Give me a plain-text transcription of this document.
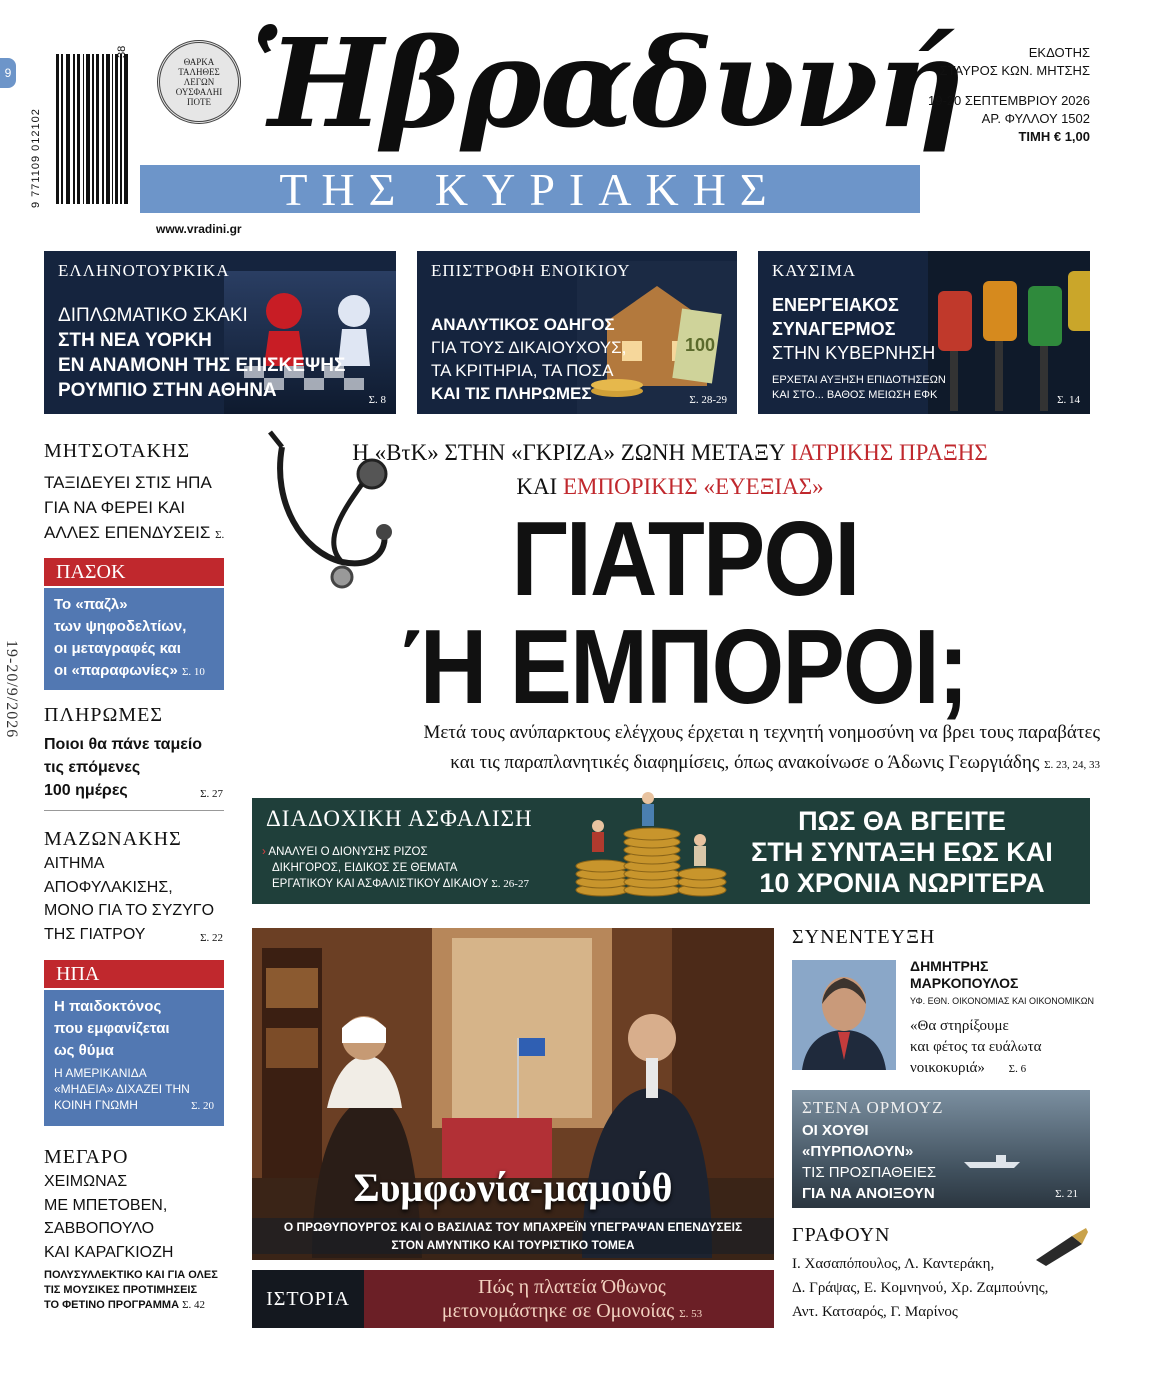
9
19-20/9/2026
9 771109 012102
38
ΘΑΡΚΑ
ΤΑΛΗΘΕΣ
ΛΕΓΩΝ
ΟΥΣΦΑΛΗΙ
ΠΟΤΕ Ἡβραδυνή
ΤΗΣ ΚΥΡΙΑΚΗΣ
ΕΚΔΟΤΗΣ
ΣΤΑΥΡΟΣ ΚΩΝ. ΜΗΤΣΗΣ
19-20 ΣΕΠΤΕΜΒΡΙΟΥ 2026
ΑΡ. ΦΥΛΛΟΥ 1502
ΤΙΜΗ € 1,00
www.vradini.gr
ΕΛΛΗΝΟΤΟΥΡΚΙΚΑ
ΔΙΠΛΩΜΑΤΙΚΟ ΣΚΑΚΙ
ΣΤΗ ΝΕΑ ΥΟΡΚΗ
ΕΝ ΑΝΑΜΟΝΗ ΤΗΣ ΕΠΙΣΚΕΨΗΣ
ΡΟΥΜΠΙΟ ΣΤΗΝ ΑΘΗΝΑ	Σ. 8
100
ΕΠΙΣΤΡΟΦΗ ΕΝΟΙΚΙΟΥ
ΑΝΑΛΥΤΙΚΟΣ ΟΔΗΓΟΣ
ΓΙΑ ΤΟΥΣ ΔΙΚΑΙΟΥΧΟΥΣ,
ΤΑ ΚΡΙΤΗΡΙΑ, ΤΑ ΠΟΣΑ
ΚΑΙ ΤΙΣ ΠΛΗΡΩΜΕΣ	Σ. 28-29
ΚΑΥΣΙΜΑ
ΕΝΕΡΓΕΙΑΚΟΣ
ΣΥΝΑΓΕΡΜΟΣ
ΣΤΗΝ ΚΥΒΕΡΝΗΣΗ
ΕΡΧΕΤΑΙ ΑΥΞΗΣΗ ΕΠΙΔΟΤΗΣΕΩΝ
ΚΑΙ ΣΤΟ... ΒΑΘΟΣ ΜΕΙΩΣΗ ΕΦΚ	Σ. 14
ΜΗΤΣΟΤΑΚΗΣ
ΤΑΞΙΔΕΥΕΙ ΣΤΙΣ ΗΠΑ
ΓΙΑ ΝΑ ΦΕΡΕΙ ΚΑΙ
ΑΛΛΕΣ ΕΠΕΝΔΥΣΕΙΣ Σ.
ΠΑΣΟΚ
Το «παζλ»
των ψηφοδελτίων,
οι μεταγραφές και
οι «παραφωνίες» Σ. 10
ΠΛΗΡΩΜΕΣ
Ποιοι θα πάνε ταμείο
τις επόμενες
100 ημέρες	Σ. 27
ΜΑΖΩΝΑΚΗΣ
ΑΙΤΗΜΑ
ΑΠΟΦΥΛΑΚΙΣΗΣ,
ΜΟΝΟ ΓΙΑ ΤΟ ΣΥΖΥΓΟ
ΤΗΣ ΓΙΑΤΡΟΥ	Σ. 22
ΗΠΑ
Η παιδοκτόνος
που εμφανίζεται
ως θύμα
Η ΑΜΕΡΙΚΑΝΙΔΑ
«ΜΗΔΕΙΑ» ΔΙΧΑΖΕΙ ΤΗΝ
ΚΟΙΝΗ ΓΝΩΜΗ	Σ. 20
ΜΕΓΑΡΟ
ΧΕΙΜΩΝΑΣ
ΜΕ ΜΠΕΤΟΒΕΝ,
ΣΑΒΒΟΠΟΥΛΟ
ΚΑΙ ΚΑΡΑΓΚΙΟΖΗ
ΠΟΛΥΣΥΛΛΕΚΤΙΚΟ ΚΑΙ ΓΙΑ ΟΛΕΣ
ΤΙΣ ΜΟΥΣΙΚΕΣ ΠΡΟΤΙΜΗΣΕΙΣ
ΤΟ ΦΕΤΙΝΟ ΠΡΟΓΡΑΜΜΑ Σ. 42
Η «ΒτΚ» ΣΤΗΝ «ΓΚΡΙΖΑ» ΖΩΝΗ ΜΕΤΑΞΥ ΙΑΤΡΙΚΗΣ ΠΡΑΞΗΣ
ΚΑΙ ΕΜΠΟΡΙΚΗΣ «ΕΥΕΞΙΑΣ»
ΓΙΑΤΡΟΙ
Ή ΕΜΠΟΡΟΙ;
Μετά τους ανύπαρκτους ελέγχους έρχεται η τεχνητή νοημοσύνη να βρει τους παραβάτες
και τις παραπλανητικές διαφημίσεις, όπως ανακοίνωσε ο Άδωνις Γεωργιάδης Σ. 23, 24, 33
ΔΙΑΔΟΧΙΚΗ ΑΣΦΑΛΙΣΗ
› ΑΝΑΛΥΕΙ Ο ΔΙΟΝΥΣΗΣ ΡΙΖΟΣ
ΔΙΚΗΓΟΡΟΣ, ΕΙΔΙΚΟΣ ΣΕ ΘΕΜΑΤΑ
ΕΡΓΑΤΙΚΟΥ ΚΑΙ ΑΣΦΑΛΙΣΤΙΚΟΥ ΔΙΚΑΙΟΥ Σ. 26-27
ΠΩΣ ΘΑ ΒΓΕΙΤΕ
ΣΤΗ ΣΥΝΤΑΞΗ ΕΩΣ ΚΑΙ
10 ΧΡΟΝΙΑ ΝΩΡΙΤΕΡΑ
Συμφωνία-μαμούθ
Ο ΠΡΩΘΥΠΟΥΡΓΟΣ ΚΑΙ Ο ΒΑΣΙΛΙΑΣ ΤΟΥ ΜΠΑΧΡΕΪΝ ΥΠΕΓΡΑΨΑΝ ΕΠΕΝΔΥΣΕΙΣ
ΣΤΟΝ ΑΜΥΝΤΙΚΟ ΚΑΙ ΤΟΥΡΙΣΤΙΚΟ ΤΟΜΕΑ
ΙΣΤΟΡΙΑ
Πώς η πλατεία Όθωνος
μετονομάστηκε σε Ομονοίας Σ. 53
ΣΥΝΕΝΤΕΥΞΗ
ΔΗΜΗΤΡΗΣ
ΜΑΡΚΟΠΟΥΛΟΣ
ΥΦ. ΕΘΝ. ΟΙΚΟΝΟΜΙΑΣ ΚΑΙ ΟΙΚΟΝΟΜΙΚΩΝ
«Θα στηρίξουμε
και φέτος τα ευάλωτα
νοικοκυριά» Σ. 6
ΣΤΕΝΑ ΟΡΜΟΥΖ
ΟΙ ΧΟΥΘΙ
«ΠΥΡΠΟΛΟΥΝ»
ΤΙΣ ΠΡΟΣΠΑΘΕΙΕΣ
ΓΙΑ ΝΑ ΑΝΟΙΞΟΥΝ	Σ. 21
ΓΡΑΦΟΥΝ
Ι. Χασαπόπουλος, Λ. Καντεράκη,
Δ. Γράψας, Ε. Κομνηνού, Χρ. Ζαμπούνης,
Αντ. Κατσαρός, Γ. Μαρίνος
